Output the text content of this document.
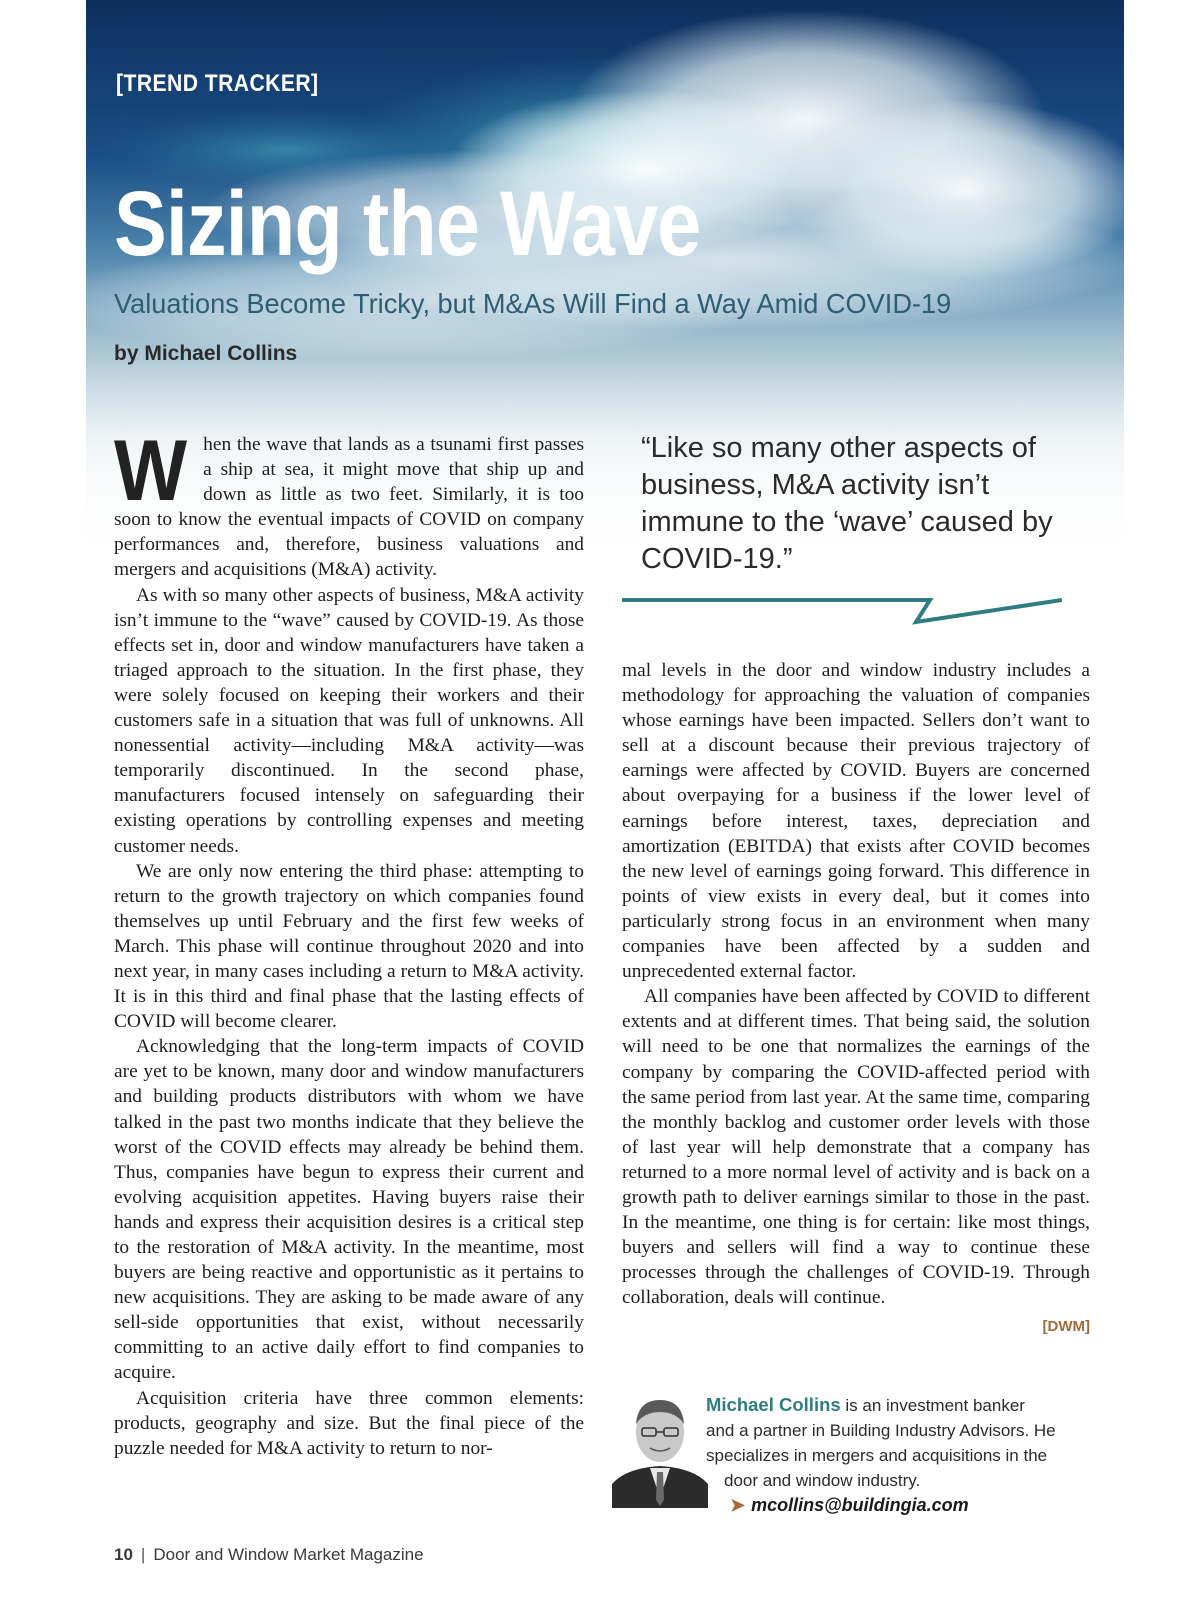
[TREND TRACKER]
Sizing the Wave
Valuations Become Tricky, but M&As Will Find a Way Amid COVID-19
by Michael Collins
W hen the wave that lands as a tsunami first passes a ship at sea, it might move that ship up and down as little as two feet. Similarly, it is too soon to know the eventual impacts of COVID on company performances and, therefore, business valuations and mergers and acquisitions (M&A) activity.

As with so many other aspects of business, M&A activity isn’t immune to the “wave” caused by COVID-19. As those effects set in, door and window manufacturers have taken a triaged approach to the situation. In the first phase, they were solely focused on keeping their workers and their customers safe in a situation that was full of unknowns. All nonessential activity—including M&A activity—was temporarily discontinued. In the second phase, manufacturers focused intensely on safeguarding their existing operations by controlling expenses and meeting customer needs.

We are only now entering the third phase: attempting to return to the growth trajectory on which companies found themselves up until February and the first few weeks of March. This phase will continue throughout 2020 and into next year, in many cases including a return to M&A activity. It is in this third and final phase that the lasting effects of COVID will become clearer.

Acknowledging that the long-term impacts of COVID are yet to be known, many door and window manufacturers and building products distributors with whom we have talked in the past two months indicate that they believe the worst of the COVID effects may already be behind them. Thus, companies have begun to express their current and evolving acquisition appetites. Having buyers raise their hands and express their acquisition desires is a critical step to the restoration of M&A activity. In the meantime, most buyers are being reactive and opportunistic as it pertains to new acquisitions. They are asking to be made aware of any sell-side opportunities that exist, without necessarily committing to an active daily effort to find companies to acquire.

Acquisition criteria have three common elements: products, geography and size. But the final piece of the puzzle needed for M&A activity to return to nor-

“Like so many other aspects of business, M&A activity isn’t immune to the ‘wave’ caused by COVID-19.”

mal levels in the door and window industry includes a methodology for approaching the valuation of companies whose earnings have been impacted. Sellers don’t want to sell at a discount because their previous trajectory of earnings were affected by COVID. Buyers are concerned about overpaying for a business if the lower level of earnings before interest, taxes, depreciation and amortization (EBITDA) that exists after COVID becomes the new level of earnings going forward. This difference in points of view exists in every deal, but it comes into particularly strong focus in an environment when many companies have been affected by a sudden and unprecedented external factor.

All companies have been affected by COVID to different extents and at different times. That being said, the solution will need to be one that normalizes the earnings of the company by comparing the COVID-affected period with the same period from last year. At the same time, comparing the monthly backlog and customer order levels with those of last year will help demonstrate that a company has returned to a more normal level of activity and is back on a growth path to deliver earnings similar to those in the past. In the meantime, one thing is for certain: like most things, buyers and sellers will find a way to continue these processes through the challenges of COVID-19. Through collaboration, deals will continue.

[DWM]
Michael Collins is an investment banker
and a partner in Building Industry Advisors. He
specializes in mergers and acquisitions in the
door and window industry.
➤ mcollins@buildingia.com
10 | Door and Window Market Magazine
